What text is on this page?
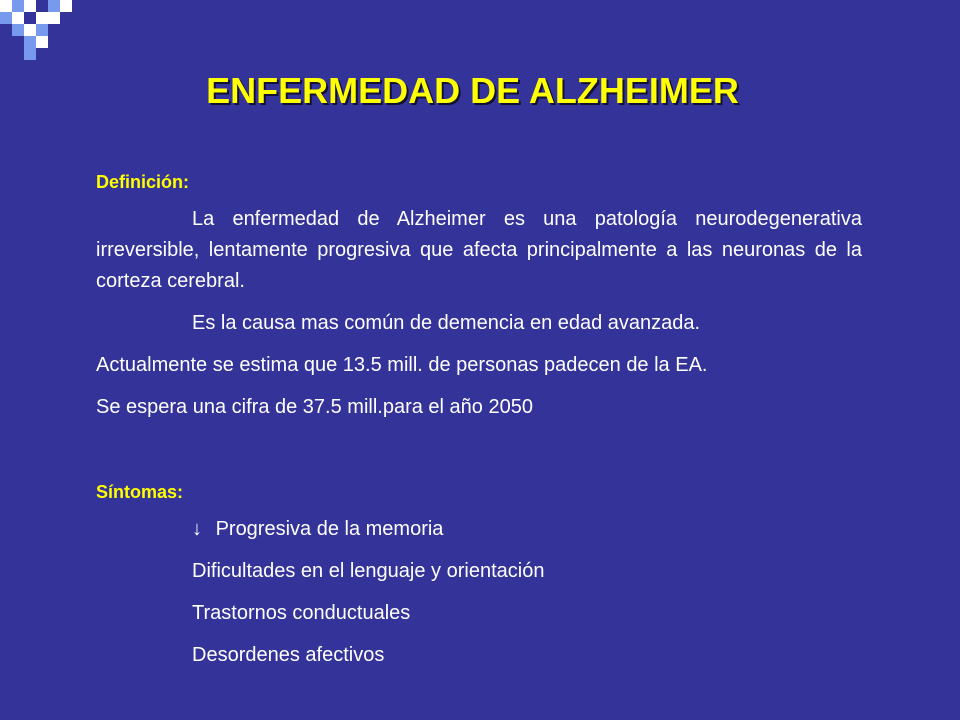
ENFERMEDAD DE ALZHEIMER
Definición:

La enfermedad de Alzheimer es una patología neurodegenerativa irreversible, lentamente progresiva que afecta principalmente a las neuronas de la corteza cerebral.

Es la causa mas común de demencia en edad avanzada.

Actualmente se estima que 13.5 mill. de personas padecen de la EA.

Se espera una cifra de 37.5 mill.para el año 2050

Síntomas:
↓ Progresiva de la memoria
Dificultades en el lenguaje y orientación
Trastornos conductuales
Desordenes afectivos
